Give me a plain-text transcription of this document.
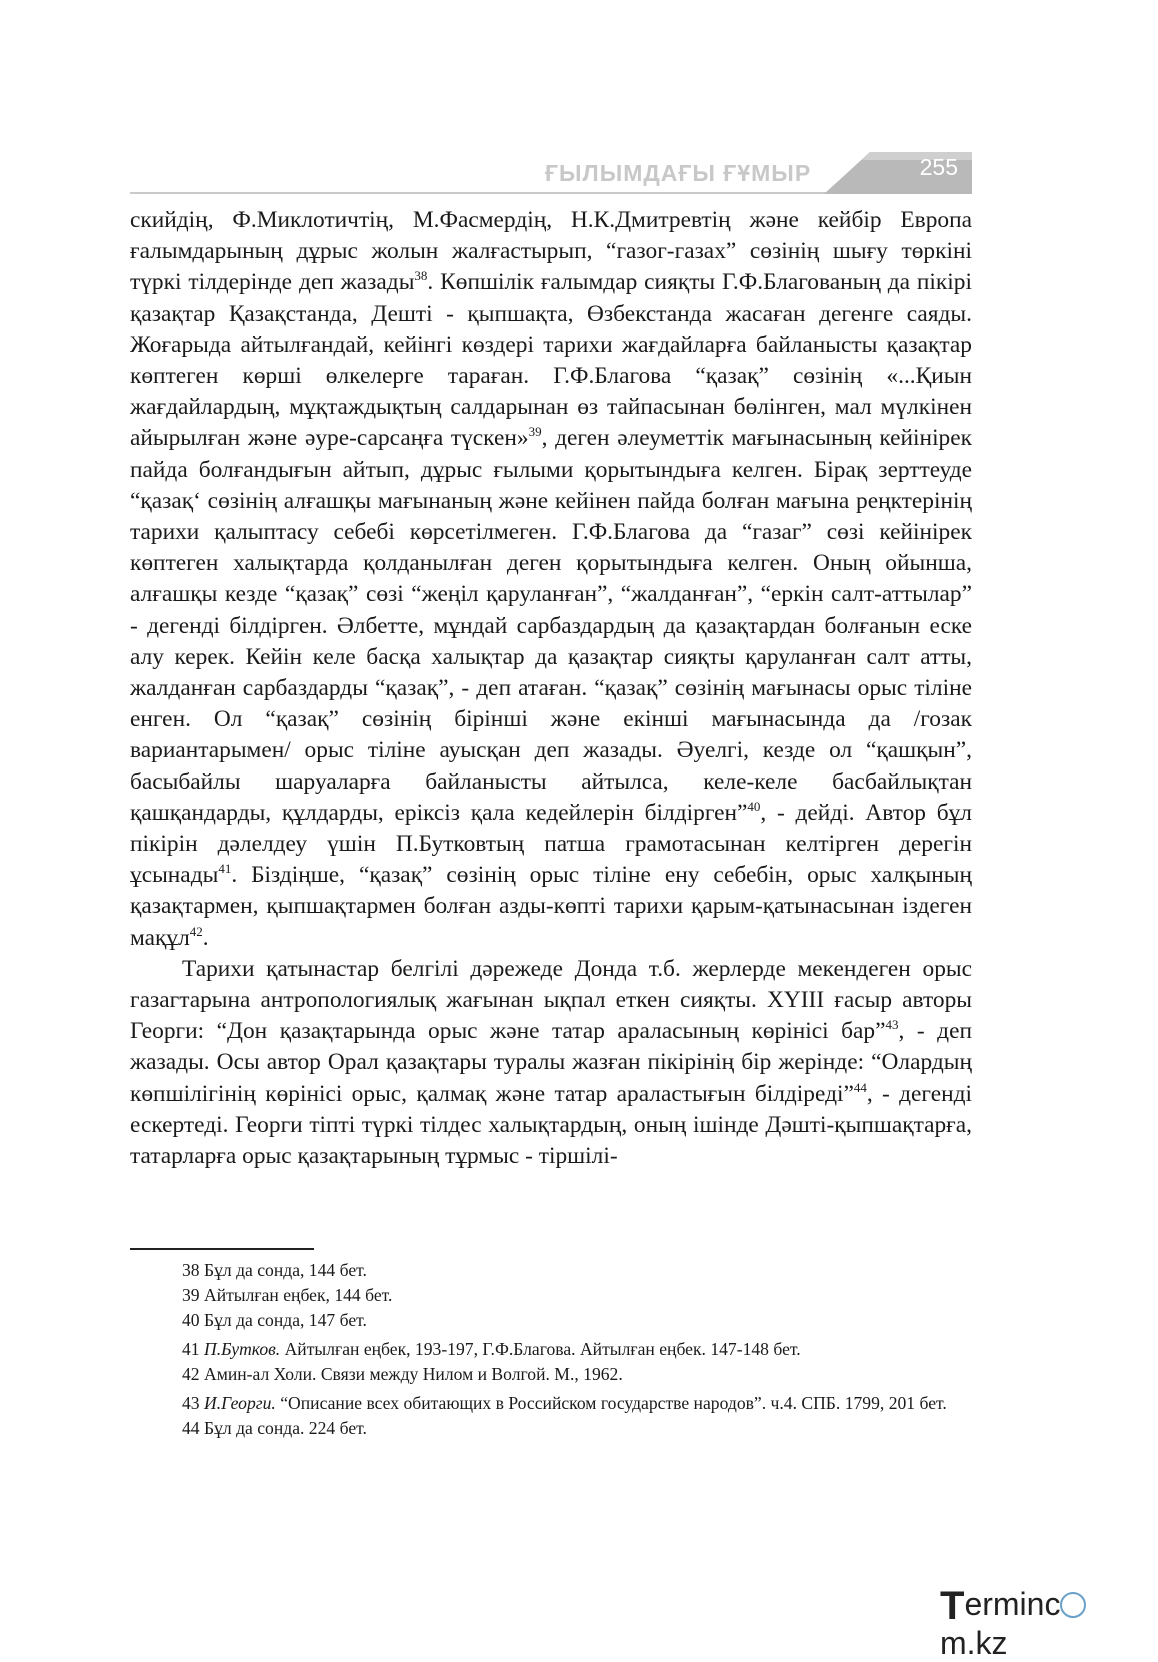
ҒЫЛЫМДАҒЫ ҒҰМЫР	255

скийдің, Ф.Миклотичтің, М.Фасмердің, Н.К.Дмитревтің және кейбір Европа ғалымдарының дұрыс жолын жалғастырып, “газог-газах” сөзінің шығу төркіні түркі тілдерінде деп жазады$^{38}$. Көпшілік ғалымдар сияқты Г.Ф.Благованың да пікірі қазақтар Қазақстанда, Дешті - қыпшақта, Өзбекстанда жасаған дегенге саяды. Жоғарыда айтылғандай, кейінгі көздері тарихи жағдайларға байланысты қазақтар көптеген көрші өлкелерге тараған. Г.Ф.Благова “қазақ” сөзінің «...Қиын жағдайлардың, мұқтаждықтың салдарынан өз тайпасынан бөлінген, мал мүлкінен айырылған және әуре-сарсаңға түскен»$^{39}$, деген әлеуметтік мағынасының кейінірек пайда болғандығын айтып, дұрыс ғылыми қорытындыға келген. Бірақ зерттеуде “қазақ‘ сөзінің алғашқы мағынаның және кейінен пайда болған мағына реңктерінің тарихи қалыптасу себебі көрсетілмеген. Г.Ф.Благова да “газаг” сөзі кейінірек көптеген халықтарда қолданылған деген қорытындыға келген. Оның ойынша, алғашқы кезде “қазақ” сөзі “жеңіл қаруланған”, “жалданған”, “еркін салт-аттылар” - дегенді білдірген. Әлбетте, мұндай сарбаздардың да қазақтардан болғанын еске алу керек. Кейін келе басқа халықтар да қазақтар сияқты қаруланған салт атты, жалданған сарбаздарды “қазақ”, - деп атаған. “қазақ” сөзінің мағынасы орыс тіліне енген. Ол “қазақ” сөзінің бірінші және екінші мағынасында да /гозак вариантарымен/ орыс тіліне ауысқан деп жазады. Әуелгі, кезде ол “қашқын”, басыбайлы шаруаларға байланысты айтылса, келе-келе басбайлықтан қашқандарды, құлдарды, еріксіз қала кедейлерін білдірген”$^{40}$, - дейді. Автор бұл пікірін дәлелдеу үшін П.Бутковтың патша грамотасынан келтірген дерегін ұсынады$^{41}$. Біздіңше, “қазақ” сөзінің орыс тіліне ену себебін, орыс халқының қазақтармен, қыпшақтармен болған азды-көпті тарихи қарым-қатынасынан іздеген мақұл$^{42}$.

Тарихи қатынастар белгілі дәрежеде Донда т.б. жерлерде мекендеген орыс газагтарына антропологиялық жағынан ықпал еткен сияқты. XYIII ғасыр авторы Георги: “Дон қазақтарында орыс және татар араласының көрінісі бар”$^{43}$, - деп жазады. Осы автор Орал қазақтары туралы жазған пікірінің бір жерінде: “Олардың көпшілігінің көрінісі орыс, қалмақ және татар араластығын білдіреді”$^{44}$, - дегенді ескертеді. Георги тіпті түркі тілдес халықтардың, оның ішінде Дәшті-қыпшақтарға, татарларға орыс қазақтарының тұрмыс - тіршілі-

38 Бұл да сонда, 144 бет.

39 Айтылған еңбек, 144 бет.

40 Бұл да сонда, 147 бет.

41 П.Бутков. Айтылған еңбек, 193-197, Г.Ф.Благова. Айтылған еңбек. 147-148 бет.

42 Амин-ал Холи. Связи между Нилом и Волгой. М., 1962.

43 И.Георги. “Описание всех обитающих в Российском государстве народов”. ч.4. СПБ. 1799, 201 бет.

44 Бұл да сонда. 224 бет.

Termincm.kz
